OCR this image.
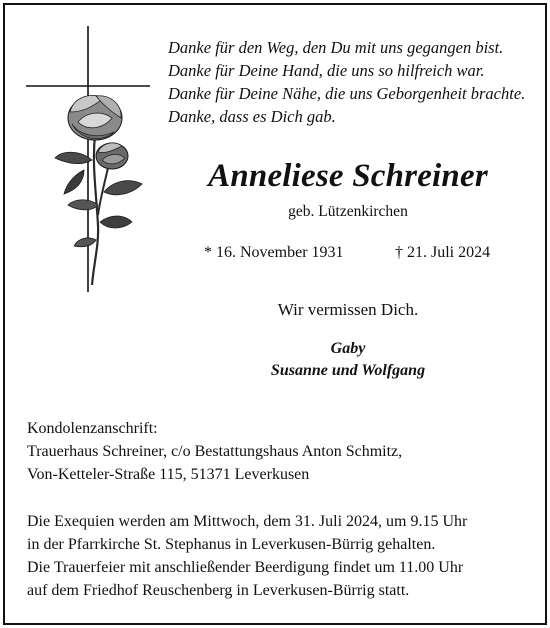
Danke für den Weg, den Du mit uns gegangen bist.
Danke für Deine Hand, die uns so hilfreich war.
Danke für Deine Nähe, die uns Geborgenheit brachte.
Danke, dass es Dich gab.
Anneliese Schreiner
geb. Lützenkirchen
* 16. November 1931	† 21. Juli 2024
Wir vermissen Dich.
Gaby
Susanne und Wolfgang
Kondolenzanschrift:
Trauerhaus Schreiner, c/o Bestattungshaus Anton Schmitz,
Von-Ketteler-Straße 115, 51371 Leverkusen
Die Exequien werden am Mittwoch, dem 31. Juli 2024, um 9.15 Uhr
in der Pfarrkirche St. Stephanus in Leverkusen-Bürrig gehalten.
Die Trauerfeier mit anschließender Beerdigung findet um 11.00 Uhr
auf dem Friedhof Reuschenberg in Leverkusen-Bürrig statt.
